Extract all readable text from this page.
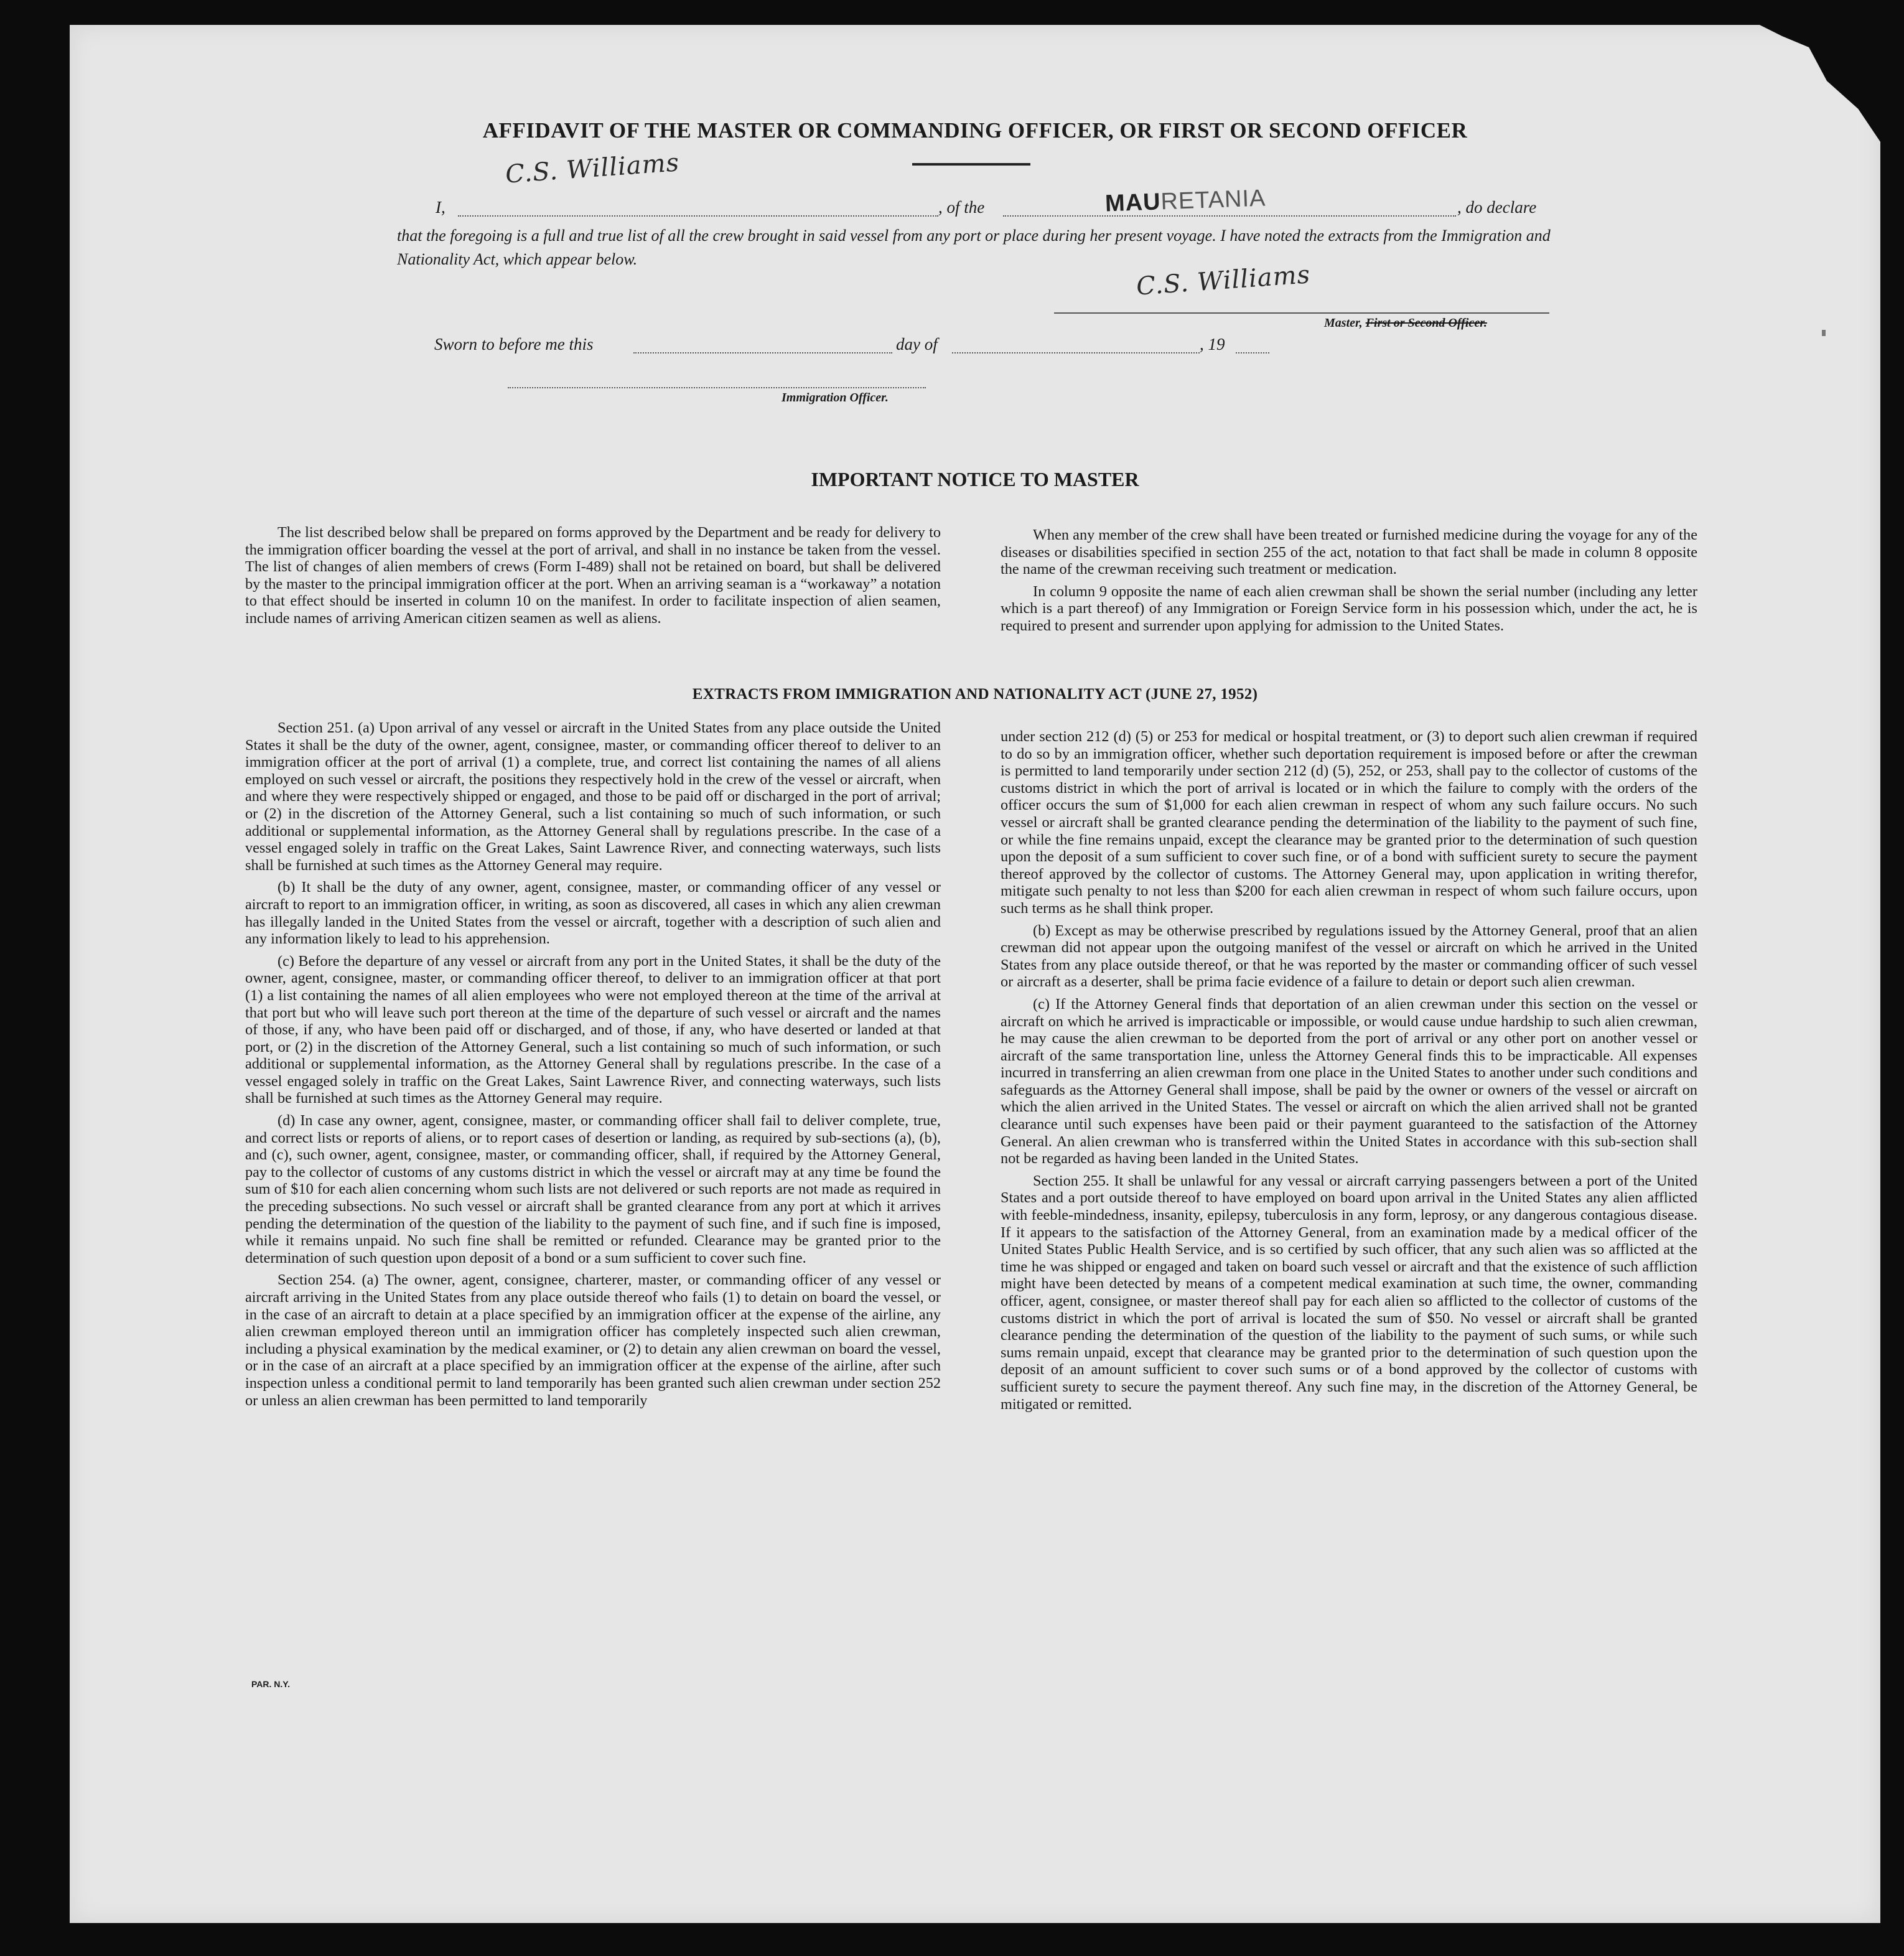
AFFIDAVIT OF THE MASTER OR COMMANDING OFFICER, OR FIRST OR SECOND OFFICER
C.S. Williams
I,	, of the	MAURETANIA	, do declare
that the foregoing is a full and true list of all the crew brought in said vessel from any port or place during her present voyage. I have noted the extracts from the Immigration and Nationality Act, which appear below.
C.S. Williams
Master, First or Second Officer.
Sworn to before me this	day of	, 19
Immigration Officer.
IMPORTANT NOTICE TO MASTER

The list described below shall be prepared on forms approved by the Department and be ready for delivery to the immigration officer boarding the vessel at the port of arrival, and shall in no instance be taken from the vessel. The list of changes of alien members of crews (Form I-489) shall not be retained on board, but shall be delivered by the master to the principal immigration officer at the port. When an arriving seaman is a “workaway” a notation to that effect should be inserted in column 10 on the manifest. In order to facilitate inspection of alien seamen, include names of arriving American citizen seamen as well as aliens.

When any member of the crew shall have been treated or furnished medicine during the voyage for any of the diseases or disabilities specified in section 255 of the act, notation to that fact shall be made in column 8 opposite the name of the crewman receiving such treatment or medication.

In column 9 opposite the name of each alien crewman shall be shown the serial number (including any letter which is a part thereof) of any Immigration or Foreign Service form in his possession which, under the act, he is required to present and surrender upon applying for admission to the United States.

EXTRACTS FROM IMMIGRATION AND NATIONALITY ACT (JUNE 27, 1952)

Section 251. (a) Upon arrival of any vessel or aircraft in the United States from any place outside the United States it shall be the duty of the owner, agent, consignee, master, or commanding officer thereof to deliver to an immigration officer at the port of arrival (1) a complete, true, and correct list containing the names of all aliens employed on such vessel or aircraft, the positions they respectively hold in the crew of the vessel or aircraft, when and where they were respectively shipped or engaged, and those to be paid off or discharged in the port of arrival; or (2) in the discretion of the Attorney General, such a list containing so much of such information, or such additional or supplemental information, as the Attorney General shall by regulations prescribe. In the case of a vessel engaged solely in traffic on the Great Lakes, Saint Lawrence River, and connecting waterways, such lists shall be furnished at such times as the Attorney General may require.

(b) It shall be the duty of any owner, agent, consignee, master, or commanding officer of any vessel or aircraft to report to an immigration officer, in writing, as soon as discovered, all cases in which any alien crewman has illegally landed in the United States from the vessel or aircraft, together with a description of such alien and any information likely to lead to his apprehension.

(c) Before the departure of any vessel or aircraft from any port in the United States, it shall be the duty of the owner, agent, consignee, master, or commanding officer thereof, to deliver to an immigration officer at that port (1) a list containing the names of all alien employees who were not employed thereon at the time of the arrival at that port but who will leave such port thereon at the time of the departure of such vessel or aircraft and the names of those, if any, who have been paid off or discharged, and of those, if any, who have deserted or landed at that port, or (2) in the discretion of the Attorney General, such a list containing so much of such information, or such additional or supplemental information, as the Attorney General shall by regulations prescribe. In the case of a vessel engaged solely in traffic on the Great Lakes, Saint Lawrence River, and connecting waterways, such lists shall be furnished at such times as the Attorney General may require.

(d) In case any owner, agent, consignee, master, or commanding officer shall fail to deliver complete, true, and correct lists or reports of aliens, or to report cases of desertion or landing, as required by sub-sections (a), (b), and (c), such owner, agent, consignee, master, or commanding officer, shall, if required by the Attorney General, pay to the collector of customs of any customs district in which the vessel or aircraft may at any time be found the sum of $10 for each alien concerning whom such lists are not delivered or such reports are not made as required in the preceding subsections. No such vessel or aircraft shall be granted clearance from any port at which it arrives pending the determination of the question of the liability to the payment of such fine, and if such fine is imposed, while it remains unpaid. No such fine shall be remitted or refunded. Clearance may be granted prior to the determination of such question upon deposit of a bond or a sum sufficient to cover such fine.

Section 254. (a) The owner, agent, consignee, charterer, master, or commanding officer of any vessel or aircraft arriving in the United States from any place outside thereof who fails (1) to detain on board the vessel, or in the case of an aircraft to detain at a place specified by an immigration officer at the expense of the airline, any alien crewman employed thereon until an immigration officer has completely inspected such alien crewman, including a physical examination by the medical examiner, or (2) to detain any alien crewman on board the vessel, or in the case of an aircraft at a place specified by an immigration officer at the expense of the airline, after such inspection unless a conditional permit to land temporarily has been granted such alien crewman under section 252 or unless an alien crewman has been permitted to land temporarily

under section 212 (d) (5) or 253 for medical or hospital treatment, or (3) to deport such alien crewman if required to do so by an immigration officer, whether such deportation requirement is imposed before or after the crewman is permitted to land temporarily under section 212 (d) (5), 252, or 253, shall pay to the collector of customs of the customs district in which the port of arrival is located or in which the failure to comply with the orders of the officer occurs the sum of $1,000 for each alien crewman in respect of whom any such failure occurs. No such vessel or aircraft shall be granted clearance pending the determination of the liability to the payment of such fine, or while the fine remains unpaid, except the clearance may be granted prior to the determination of such question upon the deposit of a sum sufficient to cover such fine, or of a bond with sufficient surety to secure the payment thereof approved by the collector of customs. The Attorney General may, upon application in writing therefor, mitigate such penalty to not less than $200 for each alien crewman in respect of whom such failure occurs, upon such terms as he shall think proper.

(b) Except as may be otherwise prescribed by regulations issued by the Attorney General, proof that an alien crewman did not appear upon the outgoing manifest of the vessel or aircraft on which he arrived in the United States from any place outside thereof, or that he was reported by the master or commanding officer of such vessel or aircraft as a deserter, shall be prima facie evidence of a failure to detain or deport such alien crewman.

(c) If the Attorney General finds that deportation of an alien crewman under this section on the vessel or aircraft on which he arrived is impracticable or impossible, or would cause undue hardship to such alien crewman, he may cause the alien crewman to be deported from the port of arrival or any other port on another vessel or aircraft of the same transportation line, unless the Attorney General finds this to be impracticable. All expenses incurred in transferring an alien crewman from one place in the United States to another under such conditions and safeguards as the Attorney General shall impose, shall be paid by the owner or owners of the vessel or aircraft on which the alien arrived in the United States. The vessel or aircraft on which the alien arrived shall not be granted clearance until such expenses have been paid or their payment guaranteed to the satisfaction of the Attorney General. An alien crewman who is transferred within the United States in accordance with this sub-section shall not be regarded as having been landed in the United States.

Section 255. It shall be unlawful for any vessal or aircraft carrying passengers between a port of the United States and a port outside thereof to have employed on board upon arrival in the United States any alien afflicted with feeble-mindedness, insanity, epilepsy, tuberculosis in any form, leprosy, or any dangerous contagious disease. If it appears to the satisfaction of the Attorney General, from an examination made by a medical officer of the United States Public Health Service, and is so certified by such officer, that any such alien was so afflicted at the time he was shipped or engaged and taken on board such vessel or aircraft and that the existence of such affliction might have been detected by means of a competent medical examination at such time, the owner, commanding officer, agent, consignee, or master thereof shall pay for each alien so afflicted to the collector of customs of the customs district in which the port of arrival is located the sum of $50. No vessel or aircraft shall be granted clearance pending the determination of the question of the liability to the payment of such sums, or while such sums remain unpaid, except that clearance may be granted prior to the determination of such question upon the deposit of an amount sufficient to cover such sums or of a bond approved by the collector of customs with sufficient surety to secure the payment thereof. Any such fine may, in the discretion of the Attorney General, be mitigated or remitted.

PAR. N.Y.
